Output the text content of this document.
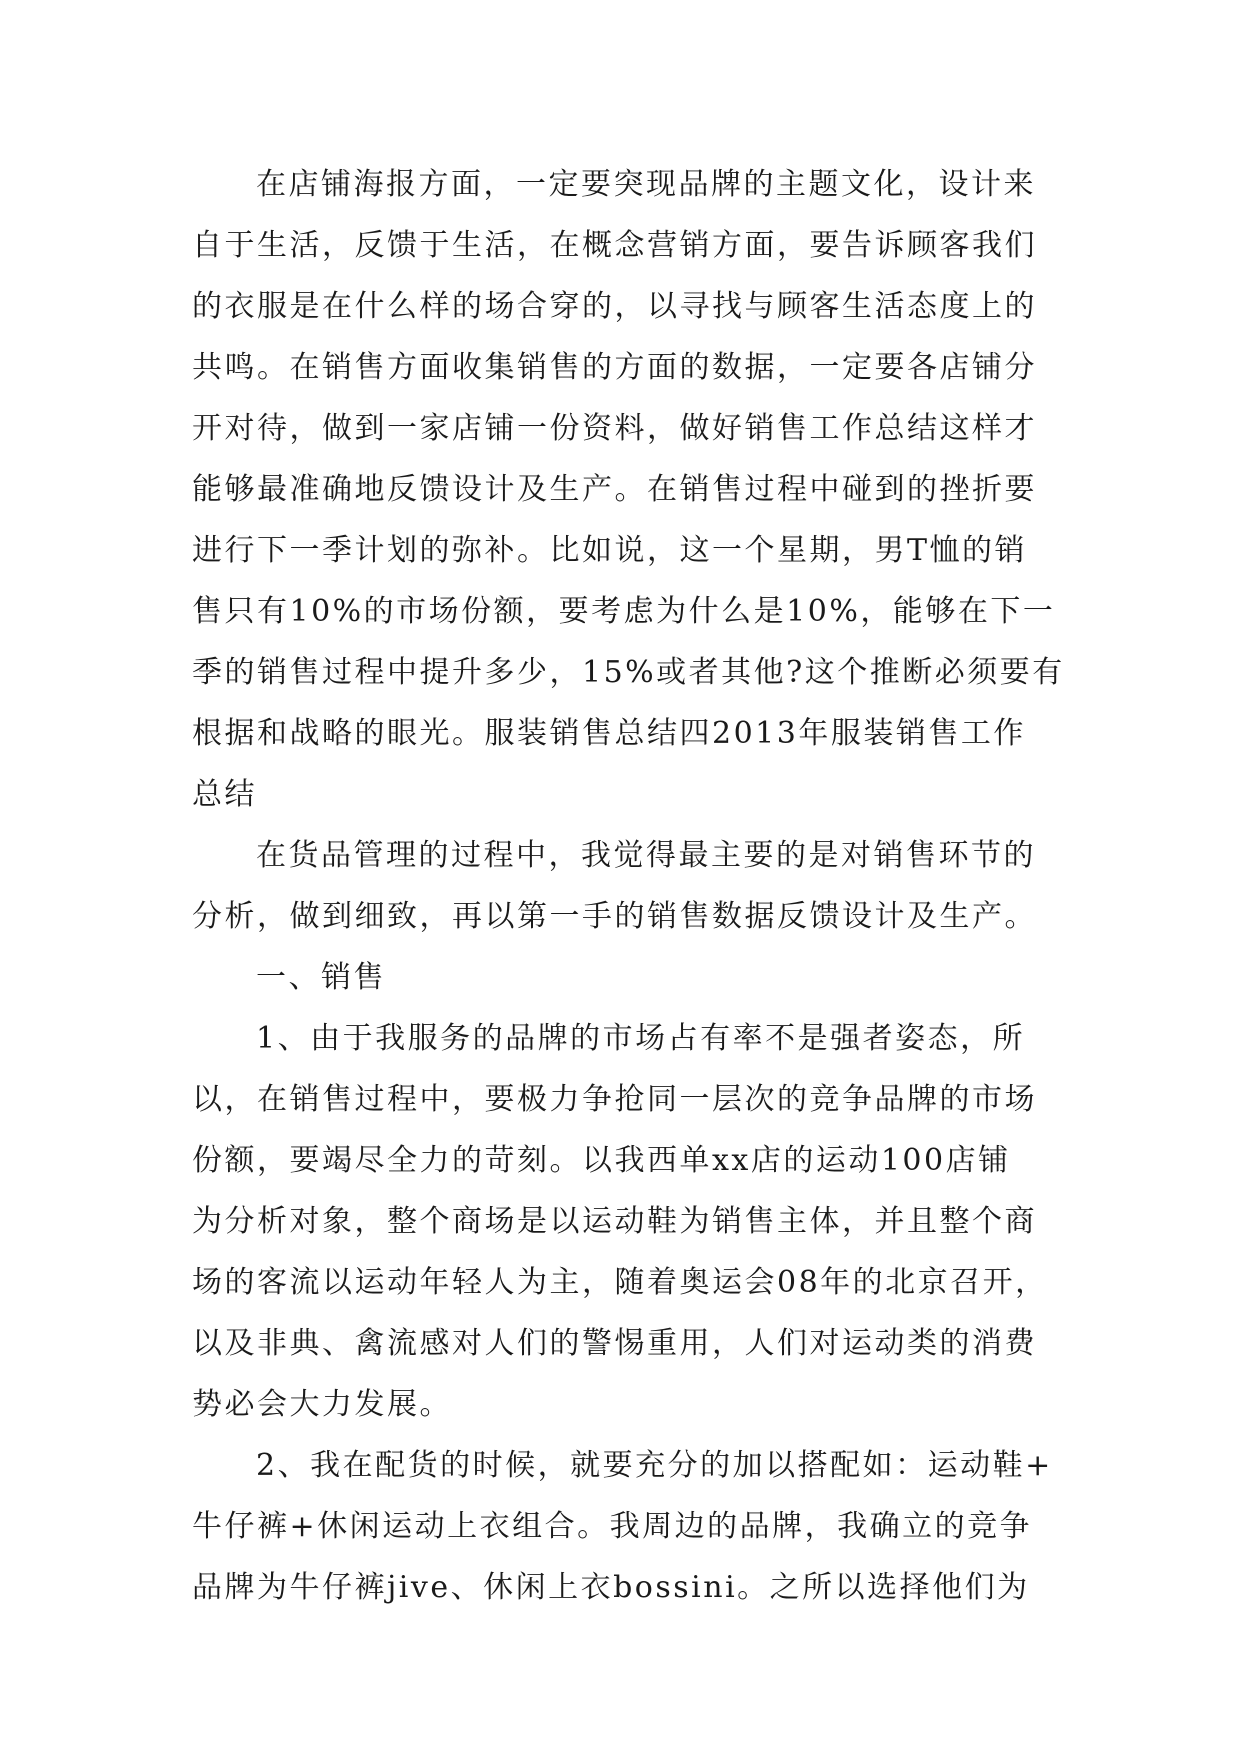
在店铺海报方面，一定要突现品牌的主题文化，设计来
自于生活，反馈于生活，在概念营销方面，要告诉顾客我们
的衣服是在什么样的场合穿的，以寻找与顾客生活态度上的
共鸣。在销售方面收集销售的方面的数据，一定要各店铺分
开对待，做到一家店铺一份资料，做好销售工作总结这样才
能够最准确地反馈设计及生产。在销售过程中碰到的挫折要
进行下一季计划的弥补。比如说，这一个星期，男T恤的销
售只有10%的市场份额，要考虑为什么是10%，能够在下一
季的销售过程中提升多少，15%或者其他?这个推断必须要有
根据和战略的眼光。服装销售总结四2013年服装销售工作
总结
在货品管理的过程中，我觉得最主要的是对销售环节的
分析，做到细致，再以第一手的销售数据反馈设计及生产。
一、销售
1、由于我服务的品牌的市场占有率不是强者姿态，所
以，在销售过程中，要极力争抢同一层次的竞争品牌的市场
份额，要竭尽全力的苛刻。以我西单xx店的运动100店铺
为分析对象，整个商场是以运动鞋为销售主体，并且整个商
场的客流以运动年轻人为主，随着奥运会08年的北京召开，
以及非典、禽流感对人们的警惕重用，人们对运动类的消费
势必会大力发展。
2、我在配货的时候，就要充分的加以搭配如：运动鞋+
牛仔裤+休闲运动上衣组合。我周边的品牌，我确立的竞争
品牌为牛仔裤jive、休闲上衣bossini。之所以选择他们为
